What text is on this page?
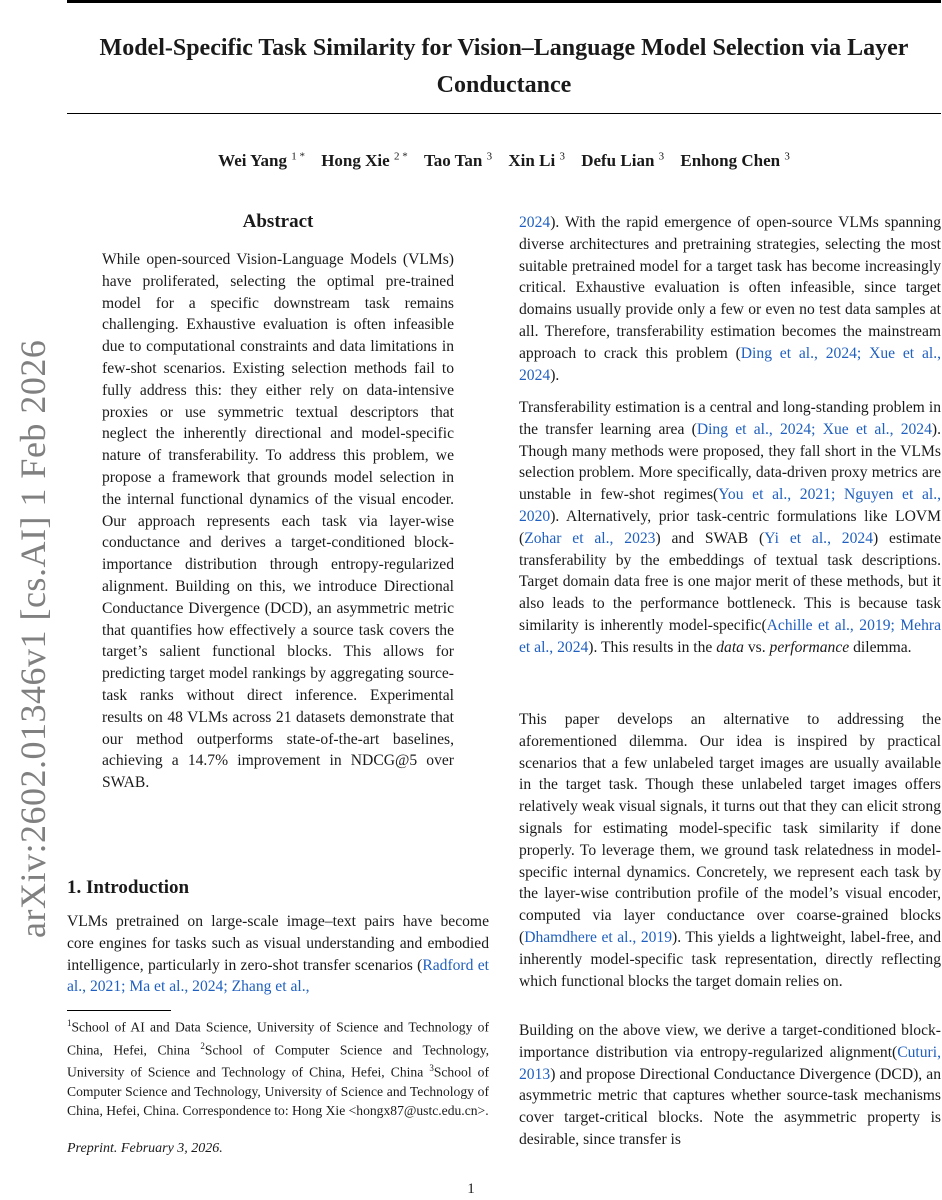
Model-Specific Task Similarity for Vision–Language Model Selection via Layer Conductance
Wei Yang $^{1 *}$ Hong Xie $^{2 *}$ Tao Tan $^3$ Xin Li $^3$ Defu Lian $^3$ Enhong Chen $^3$
arXiv:2602.01346v1 [cs.AI] 1 Feb 2026
Abstract

While open-sourced Vision-Language Models (VLMs) have proliferated, selecting the optimal pre-trained model for a specific downstream task remains challenging. Exhaustive evaluation is often infeasible due to computational constraints and data limitations in few-shot scenarios. Existing selection methods fail to fully address this: they either rely on data-intensive proxies or use symmetric textual descriptors that neglect the inherently directional and model-specific nature of transferability. To address this problem, we propose a framework that grounds model selection in the internal functional dynamics of the visual encoder. Our approach represents each task via layer-wise conductance and derives a target-conditioned block-importance distribution through entropy-regularized alignment. Building on this, we introduce Directional Conductance Divergence (DCD), an asymmetric metric that quantifies how effectively a source task covers the target’s salient functional blocks. This allows for predicting target model rankings by aggregating source-task ranks without direct inference. Experimental results on 48 VLMs across 21 datasets demonstrate that our method outperforms state-of-the-art baselines, achieving a 14.7% improvement in NDCG@5 over SWAB.

1. Introduction

VLMs pretrained on large-scale image–text pairs have become core engines for tasks such as visual understanding and embodied intelligence, particularly in zero-shot transfer scenarios (Radford et al., 2021; Ma et al., 2024; Zhang et al.,

$^1$School of AI and Data Science, University of Science and Technology of China, Hefei, China $^2$School of Computer Science and Technology, University of Science and Technology of China, Hefei, China $^3$School of Computer Science and Technology, University of Science and Technology of China, Hefei, China. Correspondence to: Hong Xie <hongx87@ustc.edu.cn>.

Preprint. February 3, 2026.

2024). With the rapid emergence of open-source VLMs spanning diverse architectures and pretraining strategies, selecting the most suitable pretrained model for a target task has become increasingly critical. Exhaustive evaluation is often infeasible, since target domains usually provide only a few or even no test data samples at all. Therefore, transferability estimation becomes the mainstream approach to crack this problem (Ding et al., 2024; Xue et al., 2024).

Transferability estimation is a central and long-standing problem in the transfer learning area (Ding et al., 2024; Xue et al., 2024). Though many methods were proposed, they fall short in the VLMs selection problem. More specifically, data-driven proxy metrics are unstable in few-shot regimes(You et al., 2021; Nguyen et al., 2020). Alternatively, prior task-centric formulations like LOVM (Zohar et al., 2023) and SWAB (Yi et al., 2024) estimate transferability by the embeddings of textual task descriptions. Target domain data free is one major merit of these methods, but it also leads to the performance bottleneck. This is because task similarity is inherently model-specific(Achille et al., 2019; Mehra et al., 2024). This results in the data vs. performance dilemma.

This paper develops an alternative to addressing the aforementioned dilemma. Our idea is inspired by practical scenarios that a few unlabeled target images are usually available in the target task. Though these unlabeled target images offers relatively weak visual signals, it turns out that they can elicit strong signals for estimating model-specific task similarity if done properly. To leverage them, we ground task relatedness in model-specific internal dynamics. Concretely, we represent each task by the layer-wise contribution profile of the model’s visual encoder, computed via layer conductance over coarse-grained blocks (Dhamdhere et al., 2019). This yields a lightweight, label-free, and inherently model-specific task representation, directly reflecting which functional blocks the target domain relies on.

Building on the above view, we derive a target-conditioned block-importance distribution via entropy-regularized alignment(Cuturi, 2013) and propose Directional Conductance Divergence (DCD), an asymmetric metric that captures whether source-task mechanisms cover target-critical blocks. Note the asymmetric property is desirable, since transfer is

1
